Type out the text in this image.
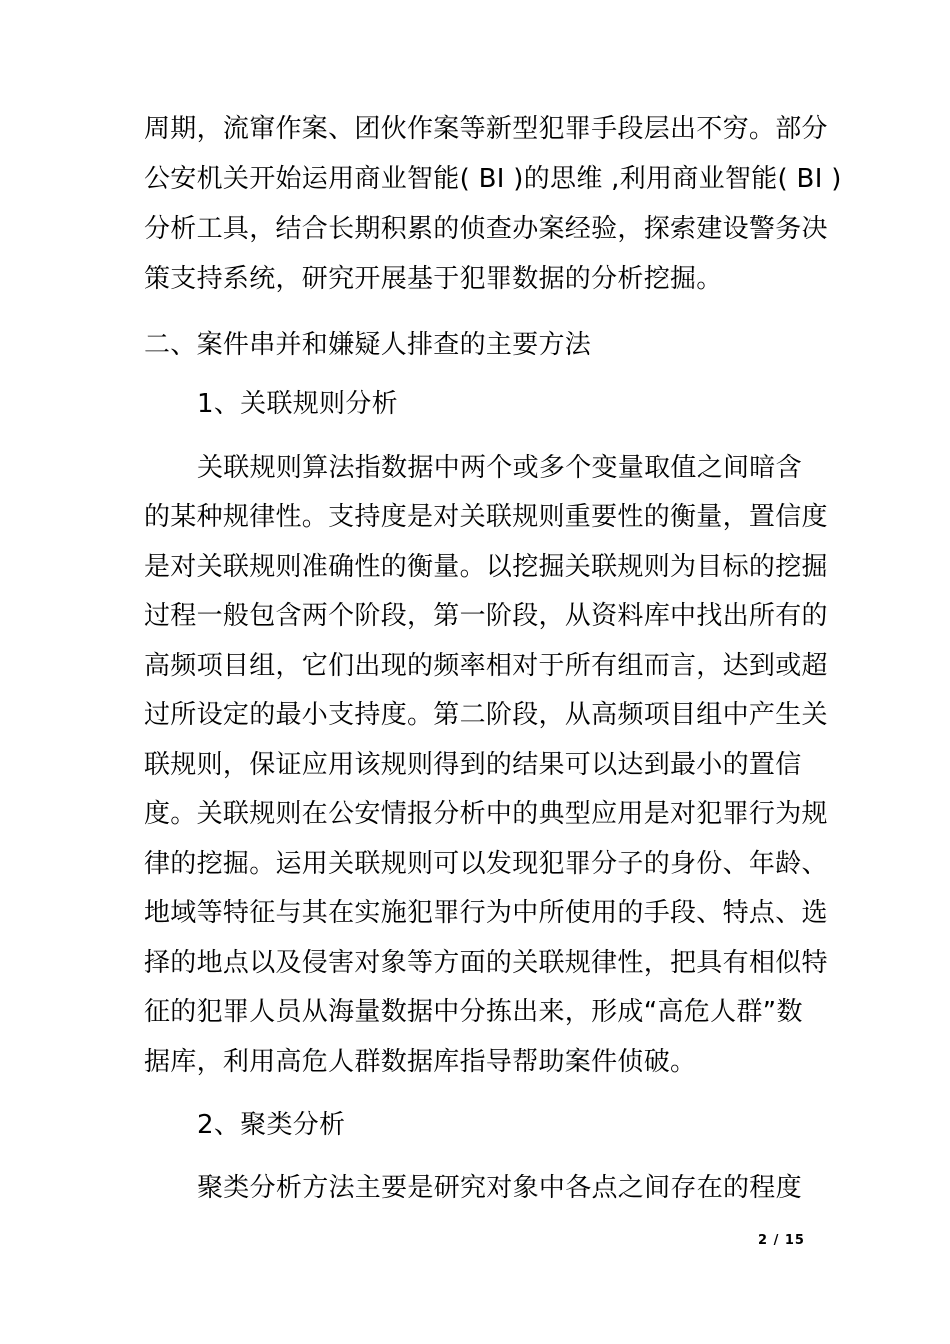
周期，流窜作案、团伙作案等新型犯罪手段层出不穷。部分
公安机关开始运用商业智能( BI )的思维 ,利用商业智能( BI )
分析工具，结合长期积累的侦查办案经验，探索建设警务决
策支持系统，研究开展基于犯罪数据的分析挖掘。
二、案件串并和嫌疑人排查的主要方法
1、关联规则分析
关联规则算法指数据中两个或多个变量取值之间暗含
的某种规律性。支持度是对关联规则重要性的衡量，置信度
是对关联规则准确性的衡量。以挖掘关联规则为目标的挖掘
过程一般包含两个阶段，第一阶段，从资料库中找出所有的
高频项目组，它们出现的频率相对于所有组而言，达到或超
过所设定的最小支持度。第二阶段，从高频项目组中产生关
联规则，保证应用该规则得到的结果可以达到最小的置信
度。关联规则在公安情报分析中的典型应用是对犯罪行为规
律的挖掘。运用关联规则可以发现犯罪分子的身份、年龄、
地域等特征与其在实施犯罪行为中所使用的手段、特点、选
择的地点以及侵害对象等方面的关联规律性，把具有相似特
征的犯罪人员从海量数据中分拣出来，形成“高危人群”数
据库，利用高危人群数据库指导帮助案件侦破。
2、聚类分析
聚类分析方法主要是研究对象中各点之间存在的程度
2 / 15
